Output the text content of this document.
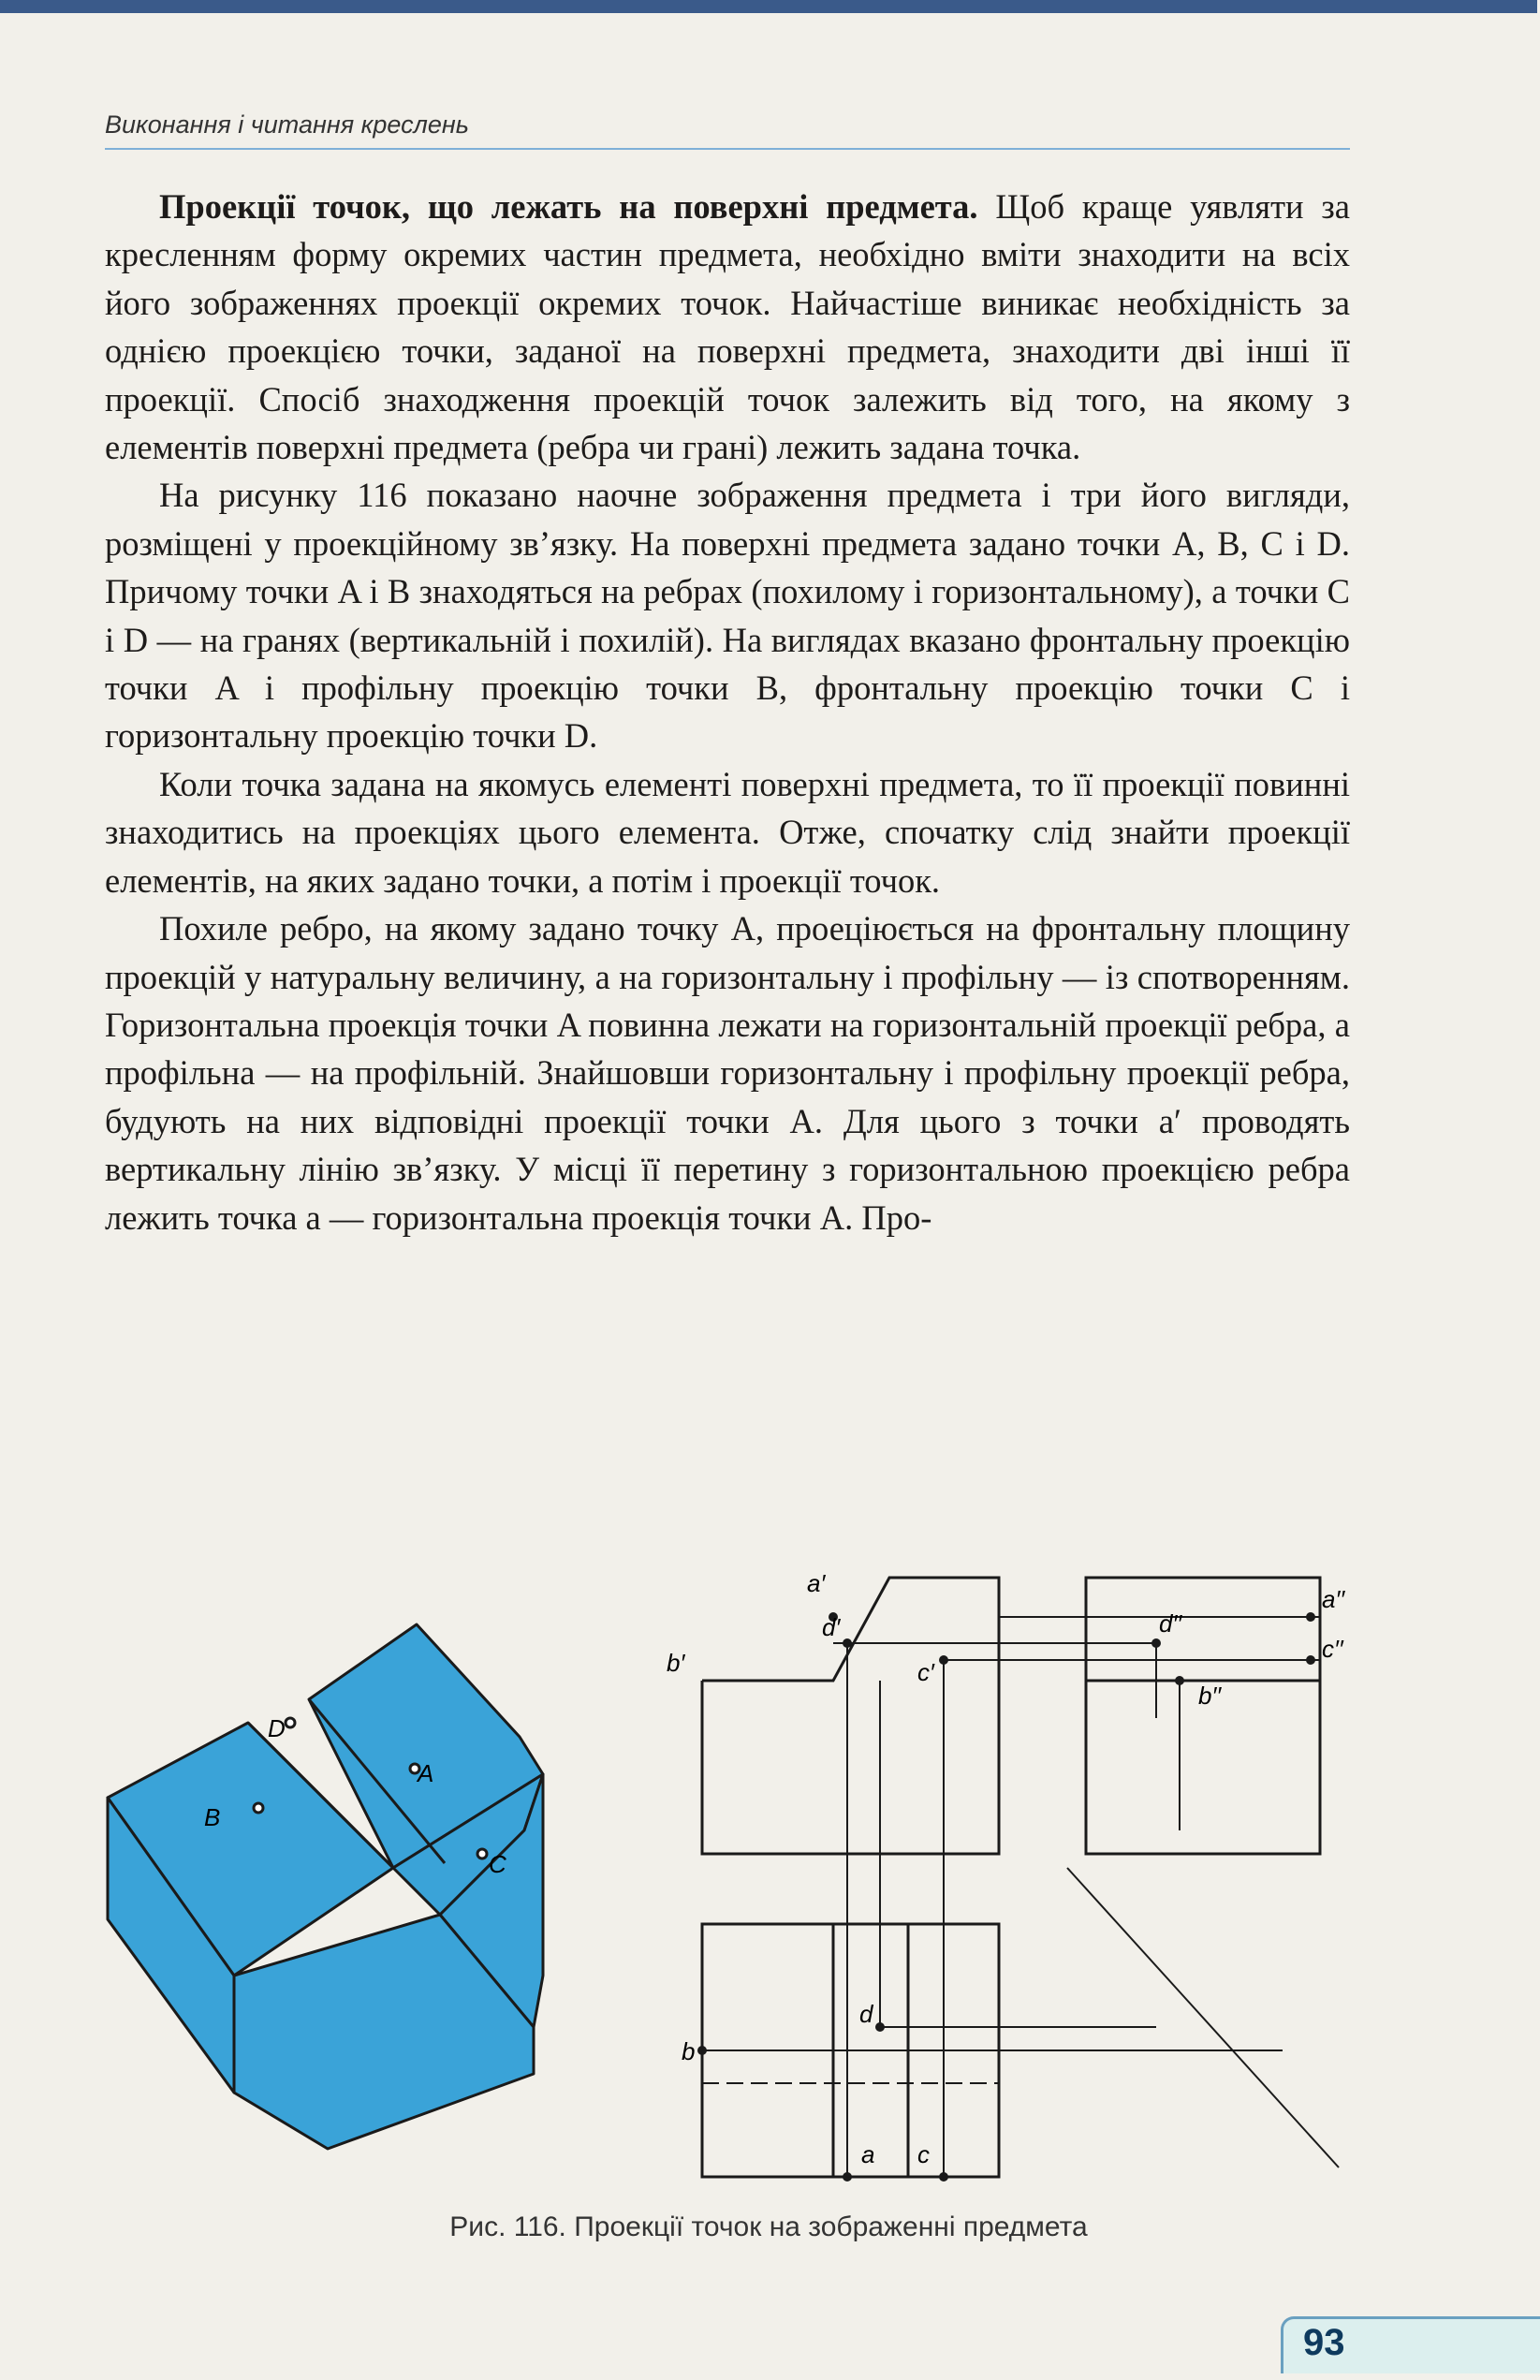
Виконання і читання креслень

Проекції точок, що лежать на поверхні предмета. Щоб краще уявляти за кресленням форму окремих частин предмета, необхідно вміти знаходити на всіх його зображеннях проекції окремих точок. Найчастіше виникає необхідність за однією проекцією точки, заданої на поверхні предмета, знаходити дві інші її проекції. Спосіб знаходження проекцій точок залежить від того, на якому з елементів поверхні предмета (ребра чи грані) лежить задана точка.

На рисунку 116 показано наочне зображення предмета і три його вигляди, розміщені у проекційному зв’язку. На поверхні предмета задано точки A, B, C і D. Причому точки A і B знаходяться на ребрах (похилому і горизонтальному), а точки C і D — на гранях (вертикальній і похилій). На виглядах вказано фронтальну проекцію точки A і профільну проекцію точки В, фронтальну проекцію точки C і горизонтальну проекцію точки D.

Коли точка задана на якомусь елементі поверхні предмета, то її проекції повинні знаходитись на проекціях цього елемента. Отже, спочатку слід знайти проекції елементів, на яких задано точки, а потім і проекції точок.

Похиле ребро, на якому задано точку A, проеціюється на фронтальну площину проекцій у натуральну величину, а на горизонтальну і профільну — із спотворенням. Горизонтальна проекція точки A повинна лежати на горизонтальній проекції ребра, а профільна — на профільній. Знайшовши горизонтальну і профільну проекції ребра, будують на них відповідні проекції точки A. Для цього з точки a′ проводять вертикальну лінію зв’язку. У місці її перетину з горизонтальною проекцією ребра лежить точка a — горизонтальна проекція точки A. Про-

D
B
A
C
a′
d′
b′	c′
a′′
d′′
c′′
b′′
d
b
a c
Рис. 116. Проекції точок на зображенні предмета
93
